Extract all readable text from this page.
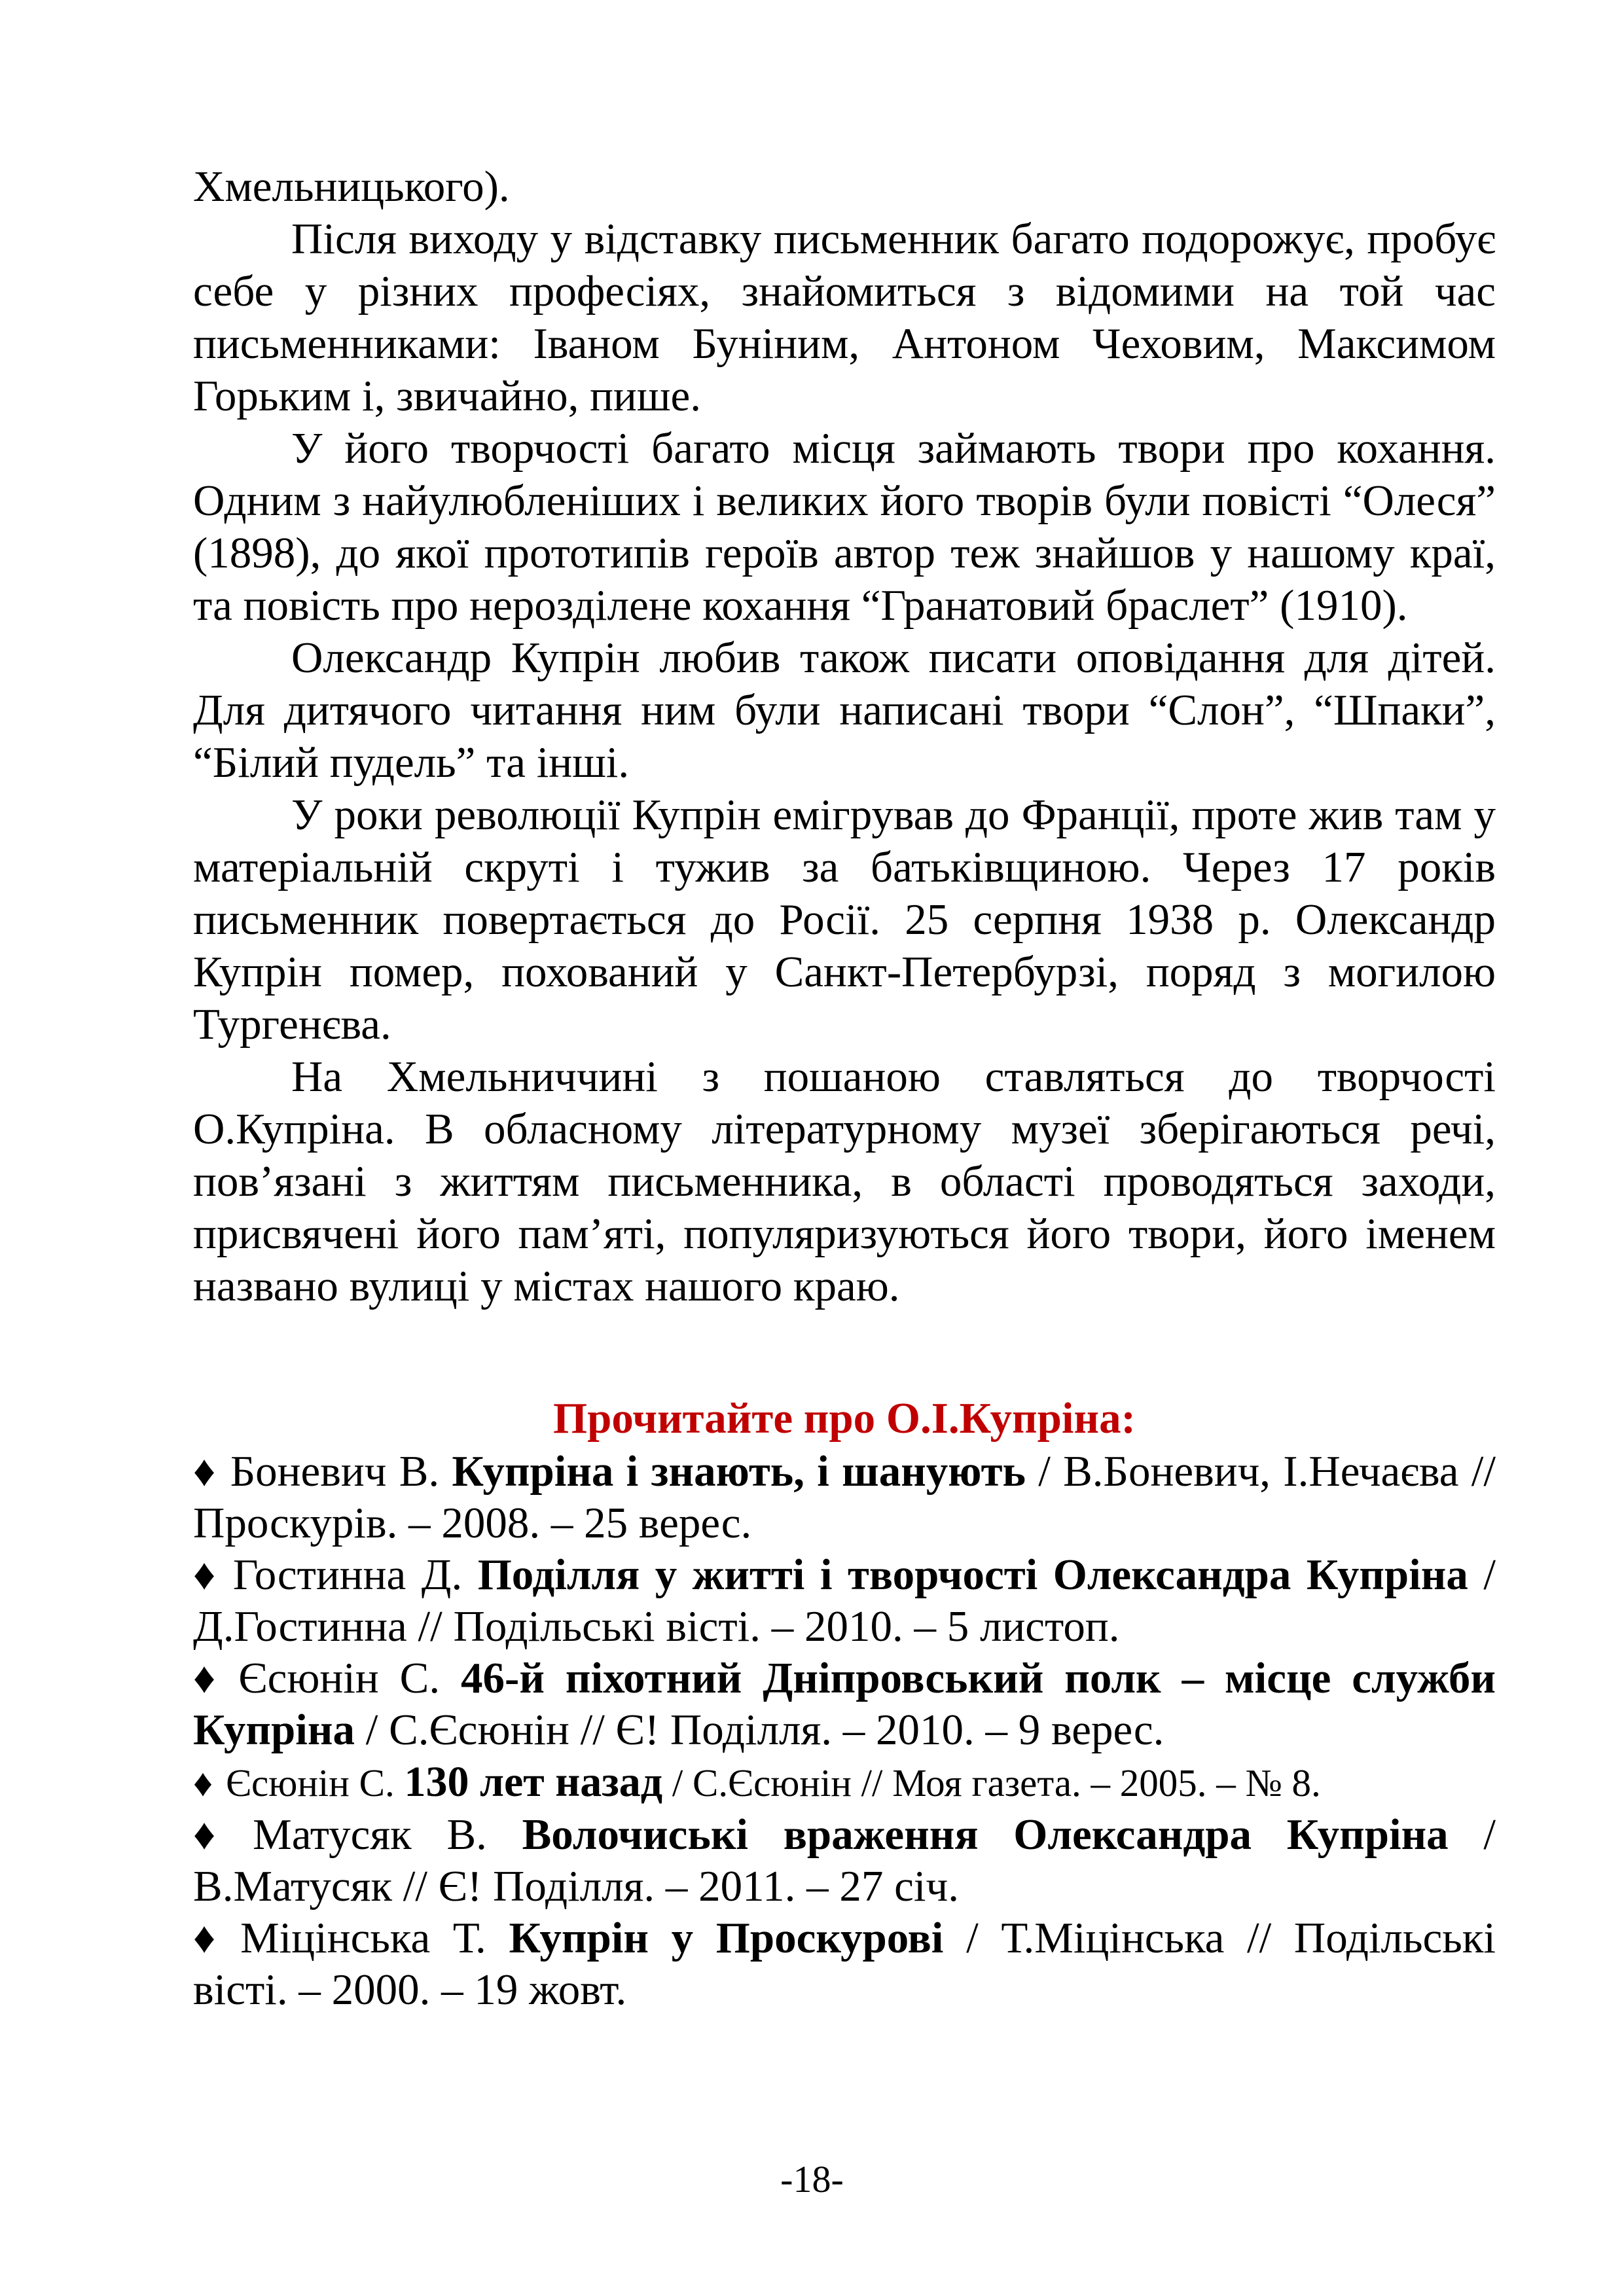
Хмельницького).

Після виходу у відставку письменник багато подорожує, пробує себе у різних професіях, знайомиться з відомими на той час письменниками: Іваном Буніним, Антоном Чеховим, Максимом Горьким і, звичайно, пише.

У його творчості багато місця займають твори про кохання. Одним з найулюбленіших і великих його творів були повісті “Олеся” (1898), до якої прототипів героїв автор теж знайшов у нашому краї, та повість про нерозділене кохання “Гранатовий браслет” (1910).

Олександр Купрін любив також писати оповідання для дітей. Для дитячого читання ним були написані твори “Слон”, “Шпаки”, “Білий пудель” та інші.

У роки революції Купрін емігрував до Франції, проте жив там у матеріальній скруті і тужив за батьківщиною. Через 17 років письменник повертається до Росії. 25 серпня 1938 р. Олександр Купрін помер, похований у Санкт-Петербурзі, поряд з могилою Тургенєва.

На Хмельниччині з пошаною ставляться до творчості О.Купріна. В обласному літературному музеї зберігаються речі, пов’язані з життям письменника, в області проводяться заходи, присвячені його пам’яті, популяризуються його твори, його іменем названо вулиці у містах нашого краю.

Прочитайте про О.І.Купріна:

♦ Боневич В. Купріна і знають, і шанують / В.Боневич, І.Нечаєва // Проскурів. – 2008. – 25 верес.

♦ Гостинна Д. Поділля у житті і творчості Олександра Купріна / Д.Гостинна // Подільські вісті. – 2010. – 5 листоп.

♦ Єсюнін С. 46-й піхотний Дніпровський полк – місце служби Купріна / С.Єсюнін // Є! Поділля. – 2010. – 9 верес.

♦ Єсюнін С. 130 лет назад / С.Єсюнін // Моя газета. – 2005. – № 8.

♦ Матусяк В. Волочиські враження Олександра Купріна / В.Матусяк // Є! Поділля. – 2011. – 27 січ.

♦ Міцінська Т. Купрін у Проскурові / Т.Міцінська // Подільські вісті. – 2000. – 19 жовт.

-18-
